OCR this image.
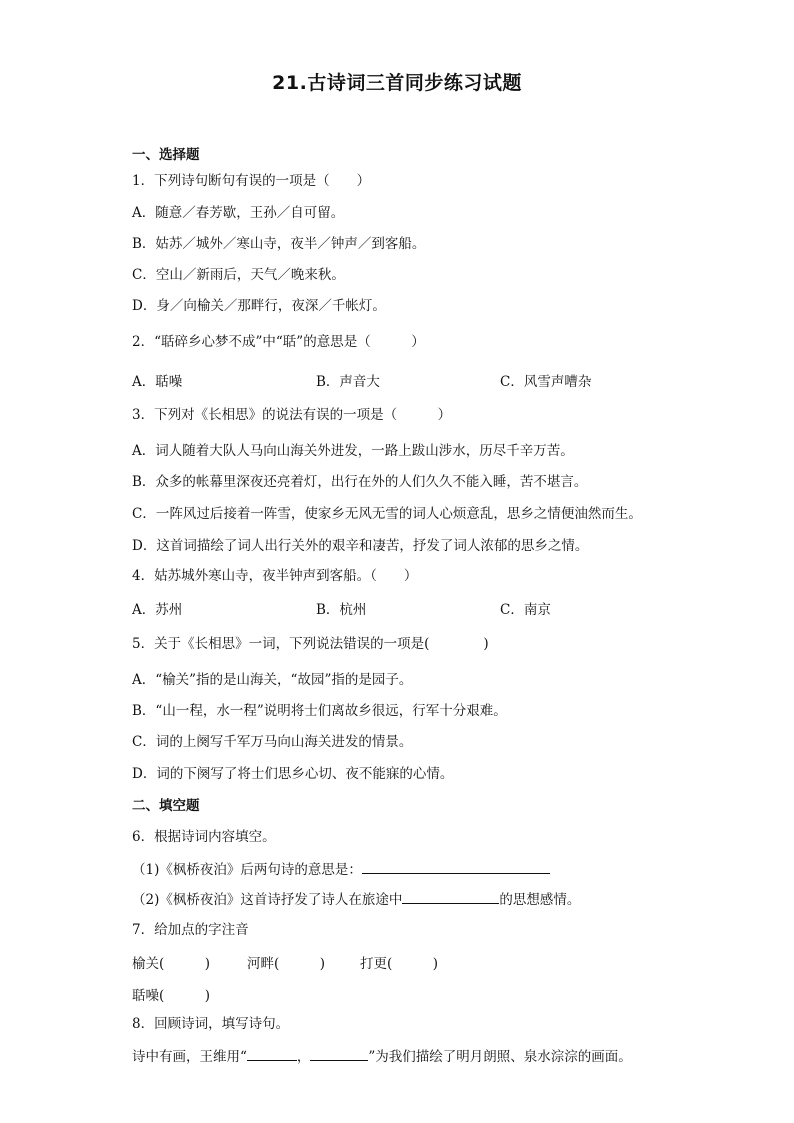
21.古诗词三首同步练习试题
一、选择题
1．下列诗句断句有误的一项是（　　）
A．随意／春芳歇，王孙／自可留。
B．姑苏／城外／寒山寺，夜半／钟声／到客船。
C．空山／新雨后，天气／晚来秋。
D．身／向榆关／那畔行，夜深／千帐灯。
2．“聒碎乡心梦不成”中“聒”的意思是（　　　）
A．聒噪	B．声音大	C．风雪声嘈杂
3．下列对《长相思》的说法有误的一项是（　　　）
A．词人随着大队人马向山海关外进发，一路上跋山涉水，历尽千辛万苦。
B．众多的帐幕里深夜还亮着灯，出行在外的人们久久不能入睡，苦不堪言。
C．一阵风过后接着一阵雪，使家乡无风无雪的词人心烦意乱，思乡之情便油然而生。
D．这首词描绘了词人出行关外的艰辛和凄苦，抒发了词人浓郁的思乡之情。
4．姑苏城外寒山寺，夜半钟声到客船。（　　）
A．苏州	B．杭州	C．南京
5．关于《长相思》一词，下列说法错误的一项是(　　　　)
A．“榆关”指的是山海关，“故园”指的是园子。
B．“山一程，水一程”说明将士们离故乡很远，行军十分艰难。
C．词的上阕写千军万马向山海关进发的情景。
D．词的下阕写了将士们思乡心切、夜不能寐的心情。
二、填空题
6．根据诗词内容填空。
（1)《枫桥夜泊》后两句诗的意思是：
（2)《枫桥夜泊》这首诗抒发了诗人在旅途中	的思想感情。
7．给加点的字注音
榆关(　　　)	河畔(　　　)	打更(　　　)
聒噪(　　　)
8．回顾诗词，填写诗句。
诗中有画，王维用“	，	”为我们描绘了明月朗照、泉水淙淙的画面。
